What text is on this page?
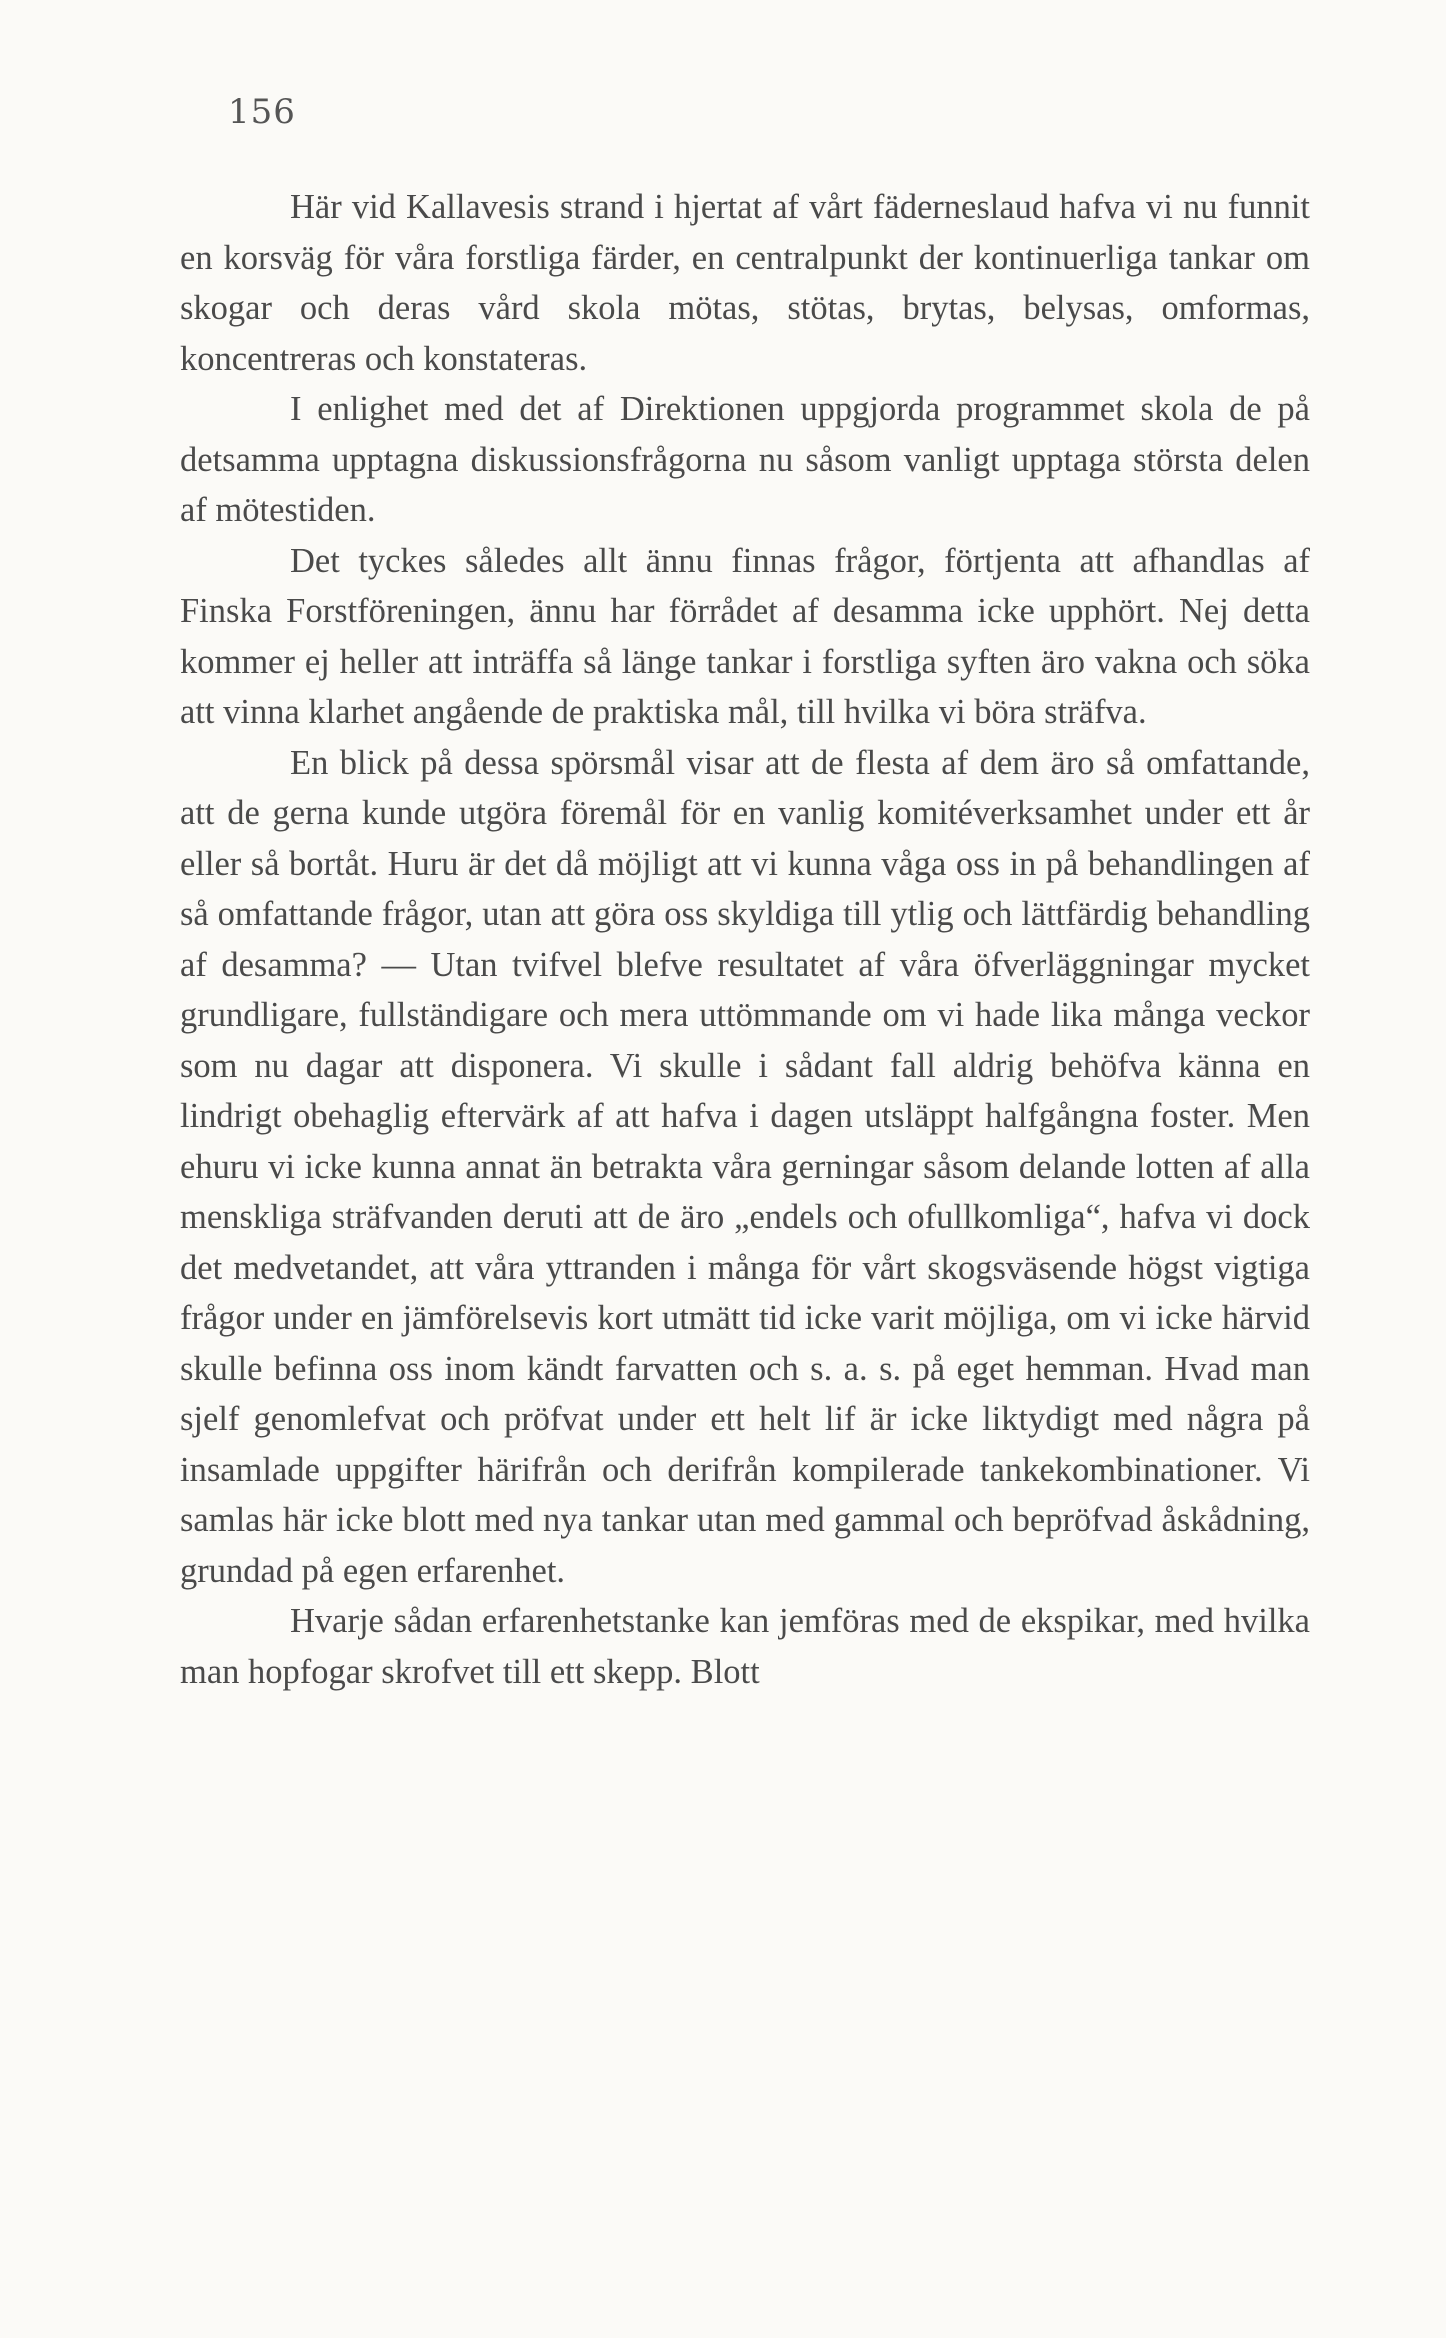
156

Här vid Kallavesis strand i hjertat af vårt fäderneslaud hafva vi nu funnit en korsväg för våra forstliga färder, en centralpunkt der kontinuerliga tankar om skogar och deras vård skola mötas, stötas, brytas, belysas, omformas, koncentreras och konstateras.

I enlighet med det af Direktionen uppgjorda programmet skola de på detsamma upptagna diskussionsfrågorna nu såsom vanligt upptaga största delen af mötestiden.

Det tyckes således allt ännu finnas frågor, förtjenta att afhandlas af Finska Forstföreningen, ännu har förrådet af desamma icke upphört. Nej detta kommer ej heller att inträffa så länge tankar i forstliga syften äro vakna och söka att vinna klarhet angående de praktiska mål, till hvilka vi böra sträfva.

En blick på dessa spörsmål visar att de flesta af dem äro så omfattande, att de gerna kunde utgöra föremål för en vanlig komitéverksamhet under ett år eller så bortåt. Huru är det då möjligt att vi kunna våga oss in på behandlingen af så omfattande frågor, utan att göra oss skyldiga till ytlig och lättfärdig behandling af desamma? — Utan tvifvel blefve resultatet af våra öfverläggningar mycket grundligare, fullständigare och mera uttömmande om vi hade lika många veckor som nu dagar att disponera. Vi skulle i sådant fall aldrig behöfva känna en lindrigt obehaglig eftervärk af att hafva i dagen utsläppt halfgångna foster. Men ehuru vi icke kunna annat än betrakta våra gerningar såsom delande lotten af alla menskliga sträfvanden deruti att de äro „endels och ofullkomliga“, hafva vi dock det medvetandet, att våra yttranden i många för vårt skogsväsende högst vigtiga frågor under en jämförelsevis kort utmätt tid icke varit möjliga, om vi icke härvid skulle befinna oss inom kändt farvatten och s. a. s. på eget hemman. Hvad man sjelf genomlefvat och pröfvat under ett helt lif är icke liktydigt med några på insamlade uppgifter härifrån och derifrån kompilerade tankekombinationer. Vi samlas här icke blott med nya tankar utan med gammal och bepröfvad åskådning, grundad på egen erfarenhet.

Hvarje sådan erfarenhetstanke kan jemföras med de ekspikar, med hvilka man hopfogar skrofvet till ett skepp. Blott
